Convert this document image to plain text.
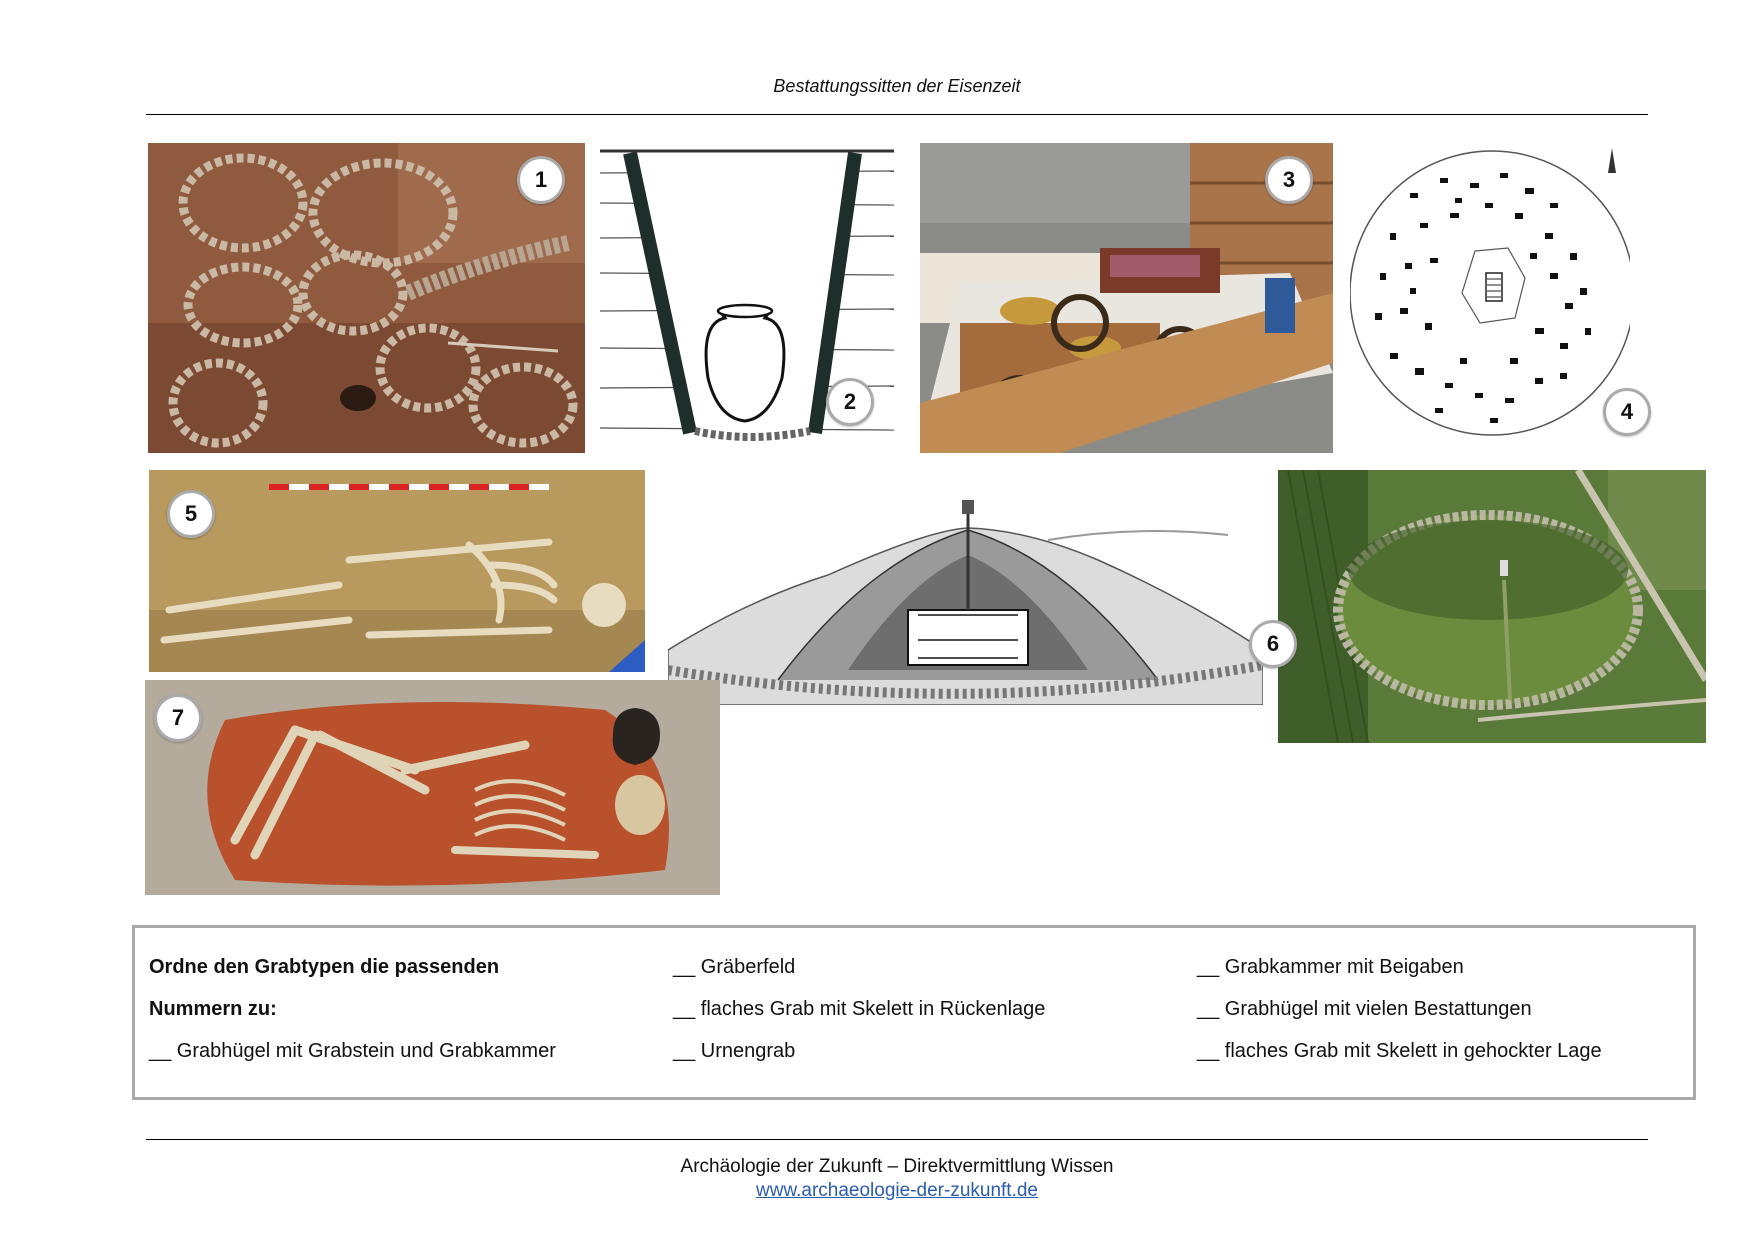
Bestattungssitten der Eisenzeit
1
2
3
4
5
6
7
Ordne den Grabtypen die passenden
Nummern zu:
__ Grabhügel mit Grabstein und Grabkammer
__ Gräberfeld
__ flaches Grab mit Skelett in Rückenlage
__ Urnengrab
__ Grabkammer mit Beigaben
__ Grabhügel mit vielen Bestattungen
__ flaches Grab mit Skelett in gehockter Lage
Archäologie der Zukunft – Direktvermittlung Wissen
www.archaeologie-der-zukunft.de
